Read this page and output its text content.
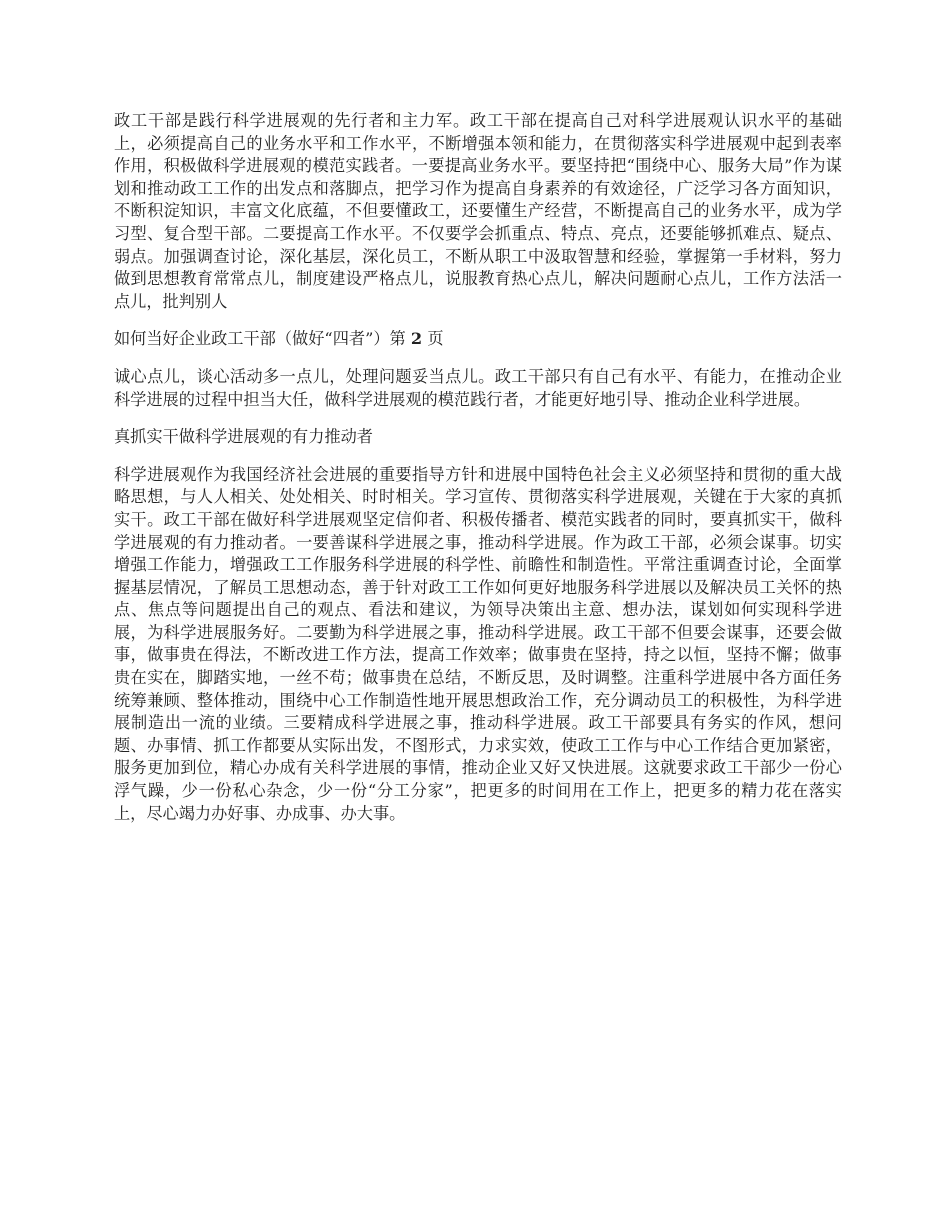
政工干部是践行科学进展观的先行者和主力军。政工干部在提高自己对科学进展观认识水平的基础上，必须提高自己的业务水平和工作水平，不断增强本领和能力，在贯彻落实科学进展观中起到表率作用，积极做科学进展观的模范实践者。一要提高业务水平。要坚持把“围绕中心、服务大局”作为谋划和推动政工工作的出发点和落脚点，把学习作为提高自身素养的有效途径，广泛学习各方面知识，不断积淀知识，丰富文化底蕴，不但要懂政工，还要懂生产经营，不断提高自己的业务水平，成为学习型、复合型干部。二要提高工作水平。不仅要学会抓重点、特点、亮点，还要能够抓难点、疑点、弱点。加强调查讨论，深化基层，深化员工，不断从职工中汲取智慧和经验，掌握第一手材料，努力做到思想教育常常点儿，制度建设严格点儿，说服教育热心点儿，解决问题耐心点儿，工作方法活一点儿，批判别人

如何当好企业政工干部（做好“四者”）第 2 页

诚心点儿，谈心活动多一点儿，处理问题妥当点儿。政工干部只有自己有水平、有能力，在推动企业科学进展的过程中担当大任，做科学进展观的模范践行者，才能更好地引导、推动企业科学进展。

真抓实干做科学进展观的有力推动者

科学进展观作为我国经济社会进展的重要指导方针和进展中国特色社会主义必须坚持和贯彻的重大战略思想，与人人相关、处处相关、时时相关。学习宣传、贯彻落实科学进展观，关键在于大家的真抓实干。政工干部在做好科学进展观坚定信仰者、积极传播者、模范实践者的同时，要真抓实干，做科学进展观的有力推动者。一要善谋科学进展之事，推动科学进展。作为政工干部，必须会谋事。切实增强工作能力，增强政工工作服务科学进展的科学性、前瞻性和制造性。平常注重调查讨论，全面掌握基层情况，了解员工思想动态，善于针对政工工作如何更好地服务科学进展以及解决员工关怀的热点、焦点等问题提出自己的观点、看法和建议，为领导决策出主意、想办法，谋划如何实现科学进展，为科学进展服务好。二要勤为科学进展之事，推动科学进展。政工干部不但要会谋事，还要会做事，做事贵在得法，不断改进工作方法，提高工作效率；做事贵在坚持，持之以恒，坚持不懈；做事贵在实在，脚踏实地，一丝不苟；做事贵在总结，不断反思，及时调整。注重科学进展中各方面任务统筹兼顾、整体推动，围绕中心工作制造性地开展思想政治工作，充分调动员工的积极性，为科学进展制造出一流的业绩。三要精成科学进展之事，推动科学进展。政工干部要具有务实的作风，想问题、办事情、抓工作都要从实际出发，不图形式，力求实效，使政工工作与中心工作结合更加紧密，服务更加到位，精心办成有关科学进展的事情，推动企业又好又快进展。这就要求政工干部少一份心浮气躁，少一份私心杂念，少一份“分工分家”，把更多的时间用在工作上，把更多的精力花在落实上，尽心竭力办好事、办成事、办大事。
